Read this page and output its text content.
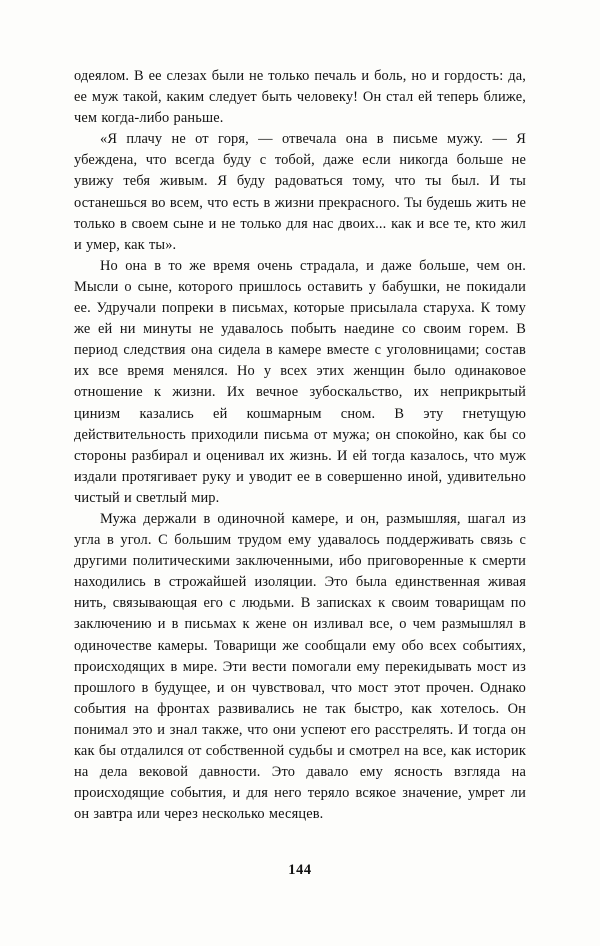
одеялом. В ее слезах были не только печаль и боль, но и гордость: да, ее муж такой, каким следует быть человеку! Он стал ей теперь ближе, чем когда-либо раньше.

«Я плачу не от горя, — отвечала она в письме мужу. — Я убеждена, что всегда буду с тобой, даже если никогда больше не увижу тебя живым. Я буду радоваться тому, что ты был. И ты останешься во всем, что есть в жизни прекрасного. Ты будешь жить не только в своем сыне и не только для нас двоих... как и все те, кто жил и умер, как ты».

Но она в то же время очень страдала, и даже больше, чем он. Мысли о сыне, которого пришлось оставить у бабушки, не покидали ее. Удручали попреки в письмах, которые присылала старуха. К тому же ей ни минуты не удавалось побыть наедине со своим горем. В период следствия она сидела в камере вместе с уголовницами; состав их все время менялся. Но у всех этих женщин было одинаковое отношение к жизни. Их вечное зубоскальство, их неприкрытый цинизм казались ей кошмарным сном. В эту гнетущую действительность приходили письма от мужа; он спокойно, как бы со стороны разбирал и оценивал их жизнь. И ей тогда казалось, что муж издали протягивает руку и уводит ее в совершенно иной, удивительно чистый и светлый мир.

Мужа держали в одиночной камере, и он, размышляя, шагал из угла в угол. С большим трудом ему удавалось поддерживать связь с другими политическими заключенными, ибо приговоренные к смерти находились в строжайшей изоляции. Это была единственная живая нить, связывающая его с людьми. В записках к своим товарищам по заключению и в письмах к жене он изливал все, о чем размышлял в одиночестве камеры. Товарищи же сообщали ему обо всех событиях, происходящих в мире. Эти вести помогали ему перекидывать мост из прошлого в будущее, и он чувствовал, что мост этот прочен. Однако события на фронтах развивались не так быстро, как хотелось. Он понимал это и знал также, что они успеют его расстрелять. И тогда он как бы отдалился от собственной судьбы и смотрел на все, как историк на дела вековой давности. Это давало ему ясность взгляда на происходящие события, и для него теряло всякое значение, умрет ли он завтра или через несколько месяцев.

144
